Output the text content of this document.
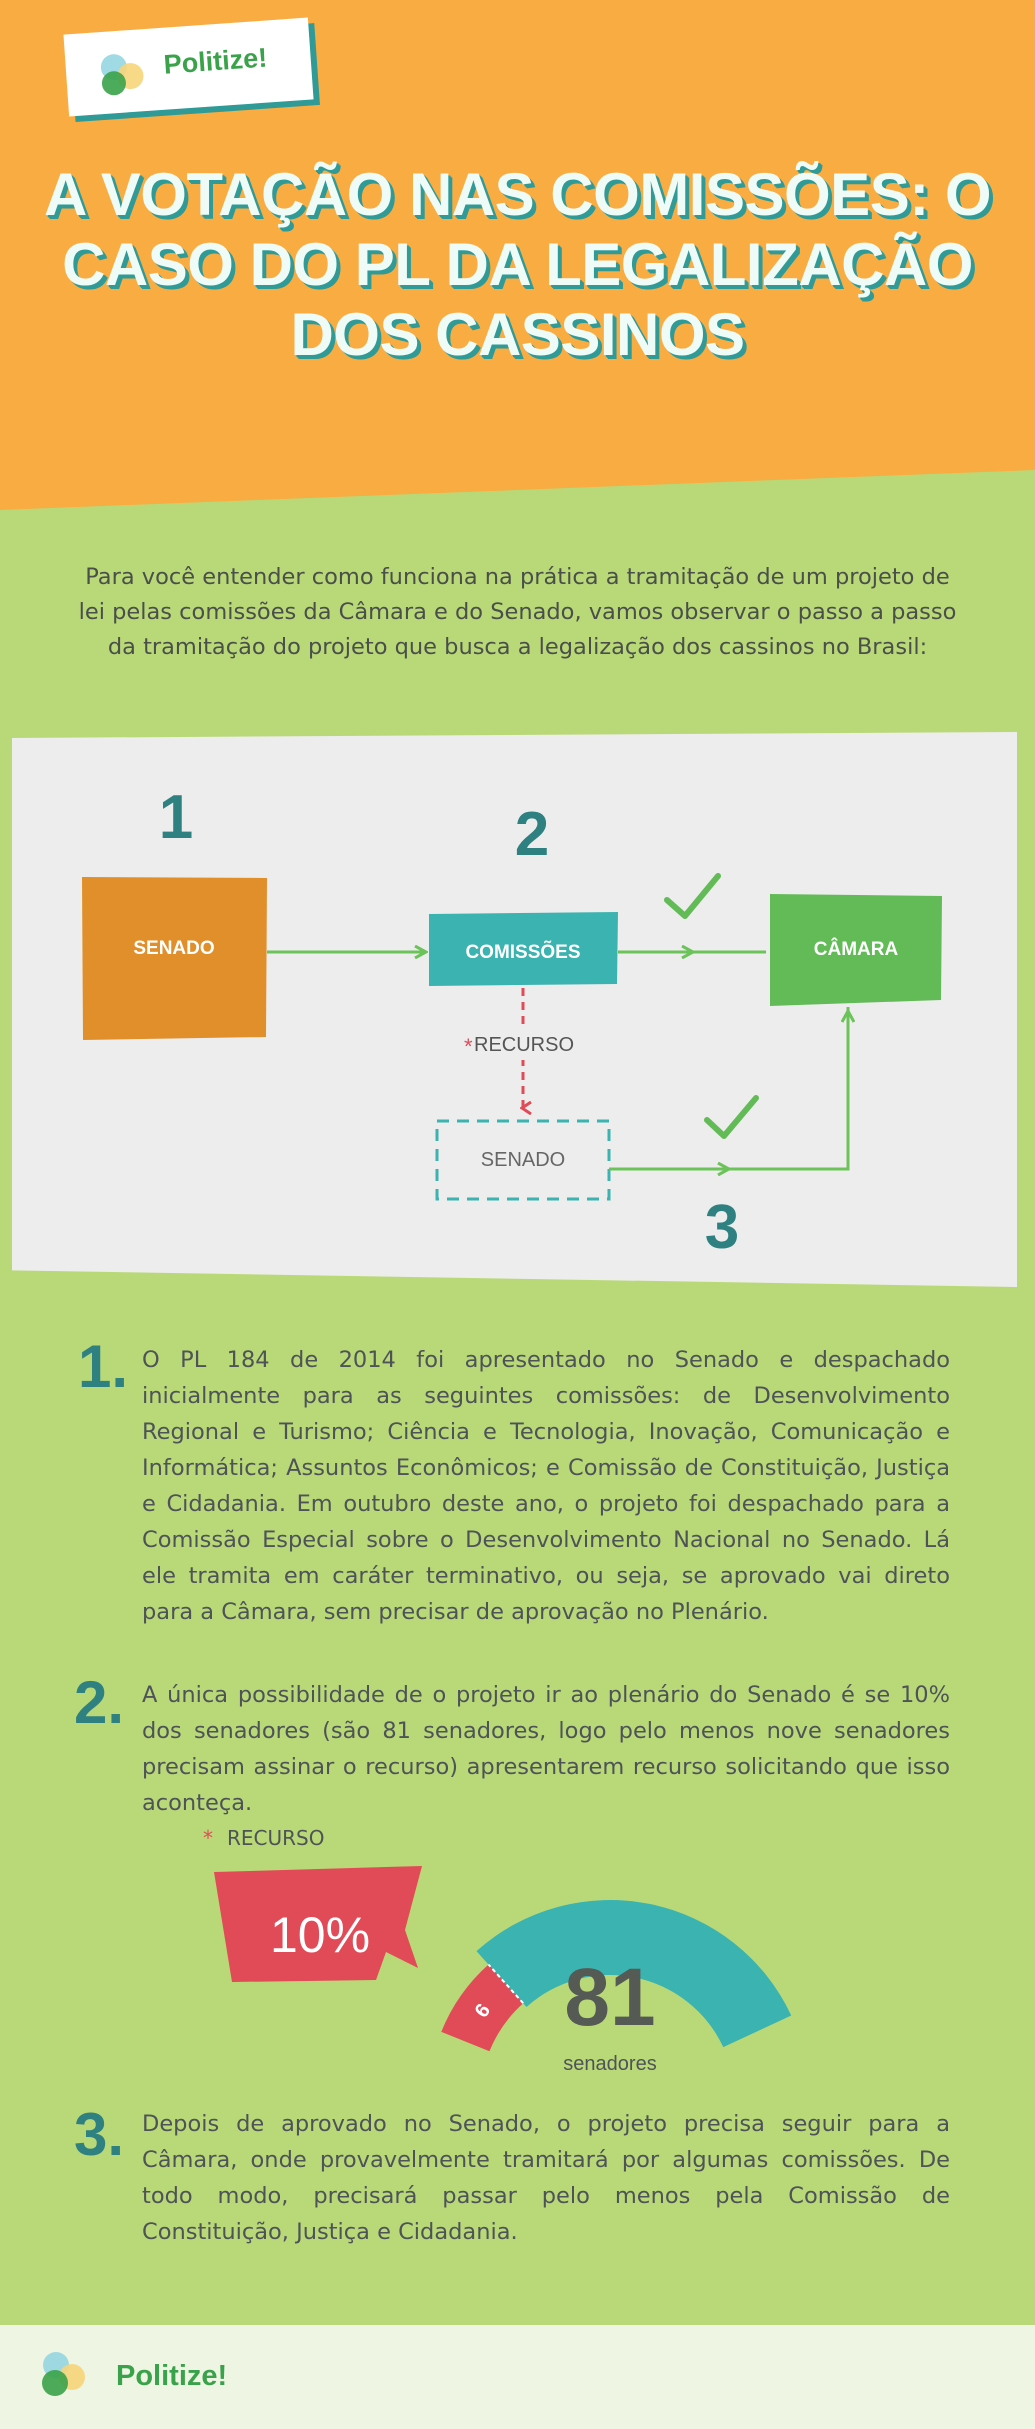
Politize!
A VOTAÇÃO NAS COMISSÕES: O CASO DO PL DA LEGALIZAÇÃO DOS CASSINOS

Para você entender como funciona na prática a tramitação de um projeto de lei pelas comissões da Câmara e do Senado, vamos observar o passo a passo da tramitação do projeto que busca a legalização dos cassinos no Brasil:

1	2
3
SENADO	COMISSÕES	CÂMARA
* RECURSO
SENADO
1. O PL 184 de 2014 foi apresentado no Senado e despachado inicialmente para as seguintes comissões: de Desenvolvimento Regional e Turismo; Ciência e Tecnologia, Inovação, Comunicação e Informática; Assuntos Econômicos; e Comissão de Constituição, Justiça e Cidadania. Em outubro deste ano, o projeto foi despachado para a Comissão Especial sobre o Desenvolvimento Nacional no Senado. Lá ele tramita em caráter terminativo, ou seja, se aprovado vai direto para a Câmara, sem precisar de aprovação no Plenário.

2. A única possibilidade de o projeto ir ao plenário do Senado é se 10% dos senadores (são 81 senadores, logo pelo menos nove senadores precisam assinar o recurso) apresentarem recurso solicitando que isso aconteça.

* RECURSO
9
10%
81
senadores
3. Depois de aprovado no Senado, o projeto precisa seguir para a Câmara, onde provavelmente tramitará por algumas comissões. De todo modo, precisará passar pelo menos pela Comissão de Constituição, Justiça e Cidadania.

Politize!
